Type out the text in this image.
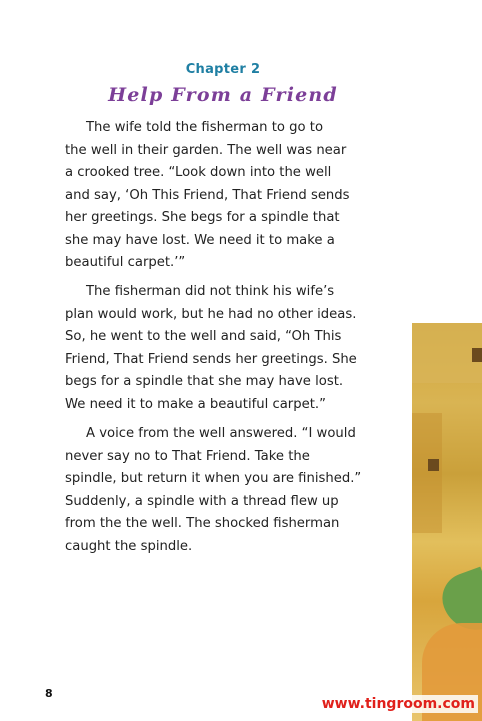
Chapter 2
Help From a Friend

The wife told the fisherman to go to
the well in their garden. The well was near
a crooked tree. “Look down into the well
and say, ‘Oh This Friend, That Friend sends
her greetings. She begs for a spindle that
she may have lost. We need it to make a
beautiful carpet.’”

The fisherman did not think his wife’s
plan would work, but he had no other ideas.
So, he went to the well and said, “Oh This
Friend, That Friend sends her greetings. She
begs for a spindle that she may have lost.
We need it to make a beautiful carpet.”

A voice from the well answered. “I would
never say no to That Friend. Take the
spindle, but return it when you are finished.”
Suddenly, a spindle with a thread flew up
from the the well. The shocked fisherman
caught the spindle.

8
www.tingroom.com
